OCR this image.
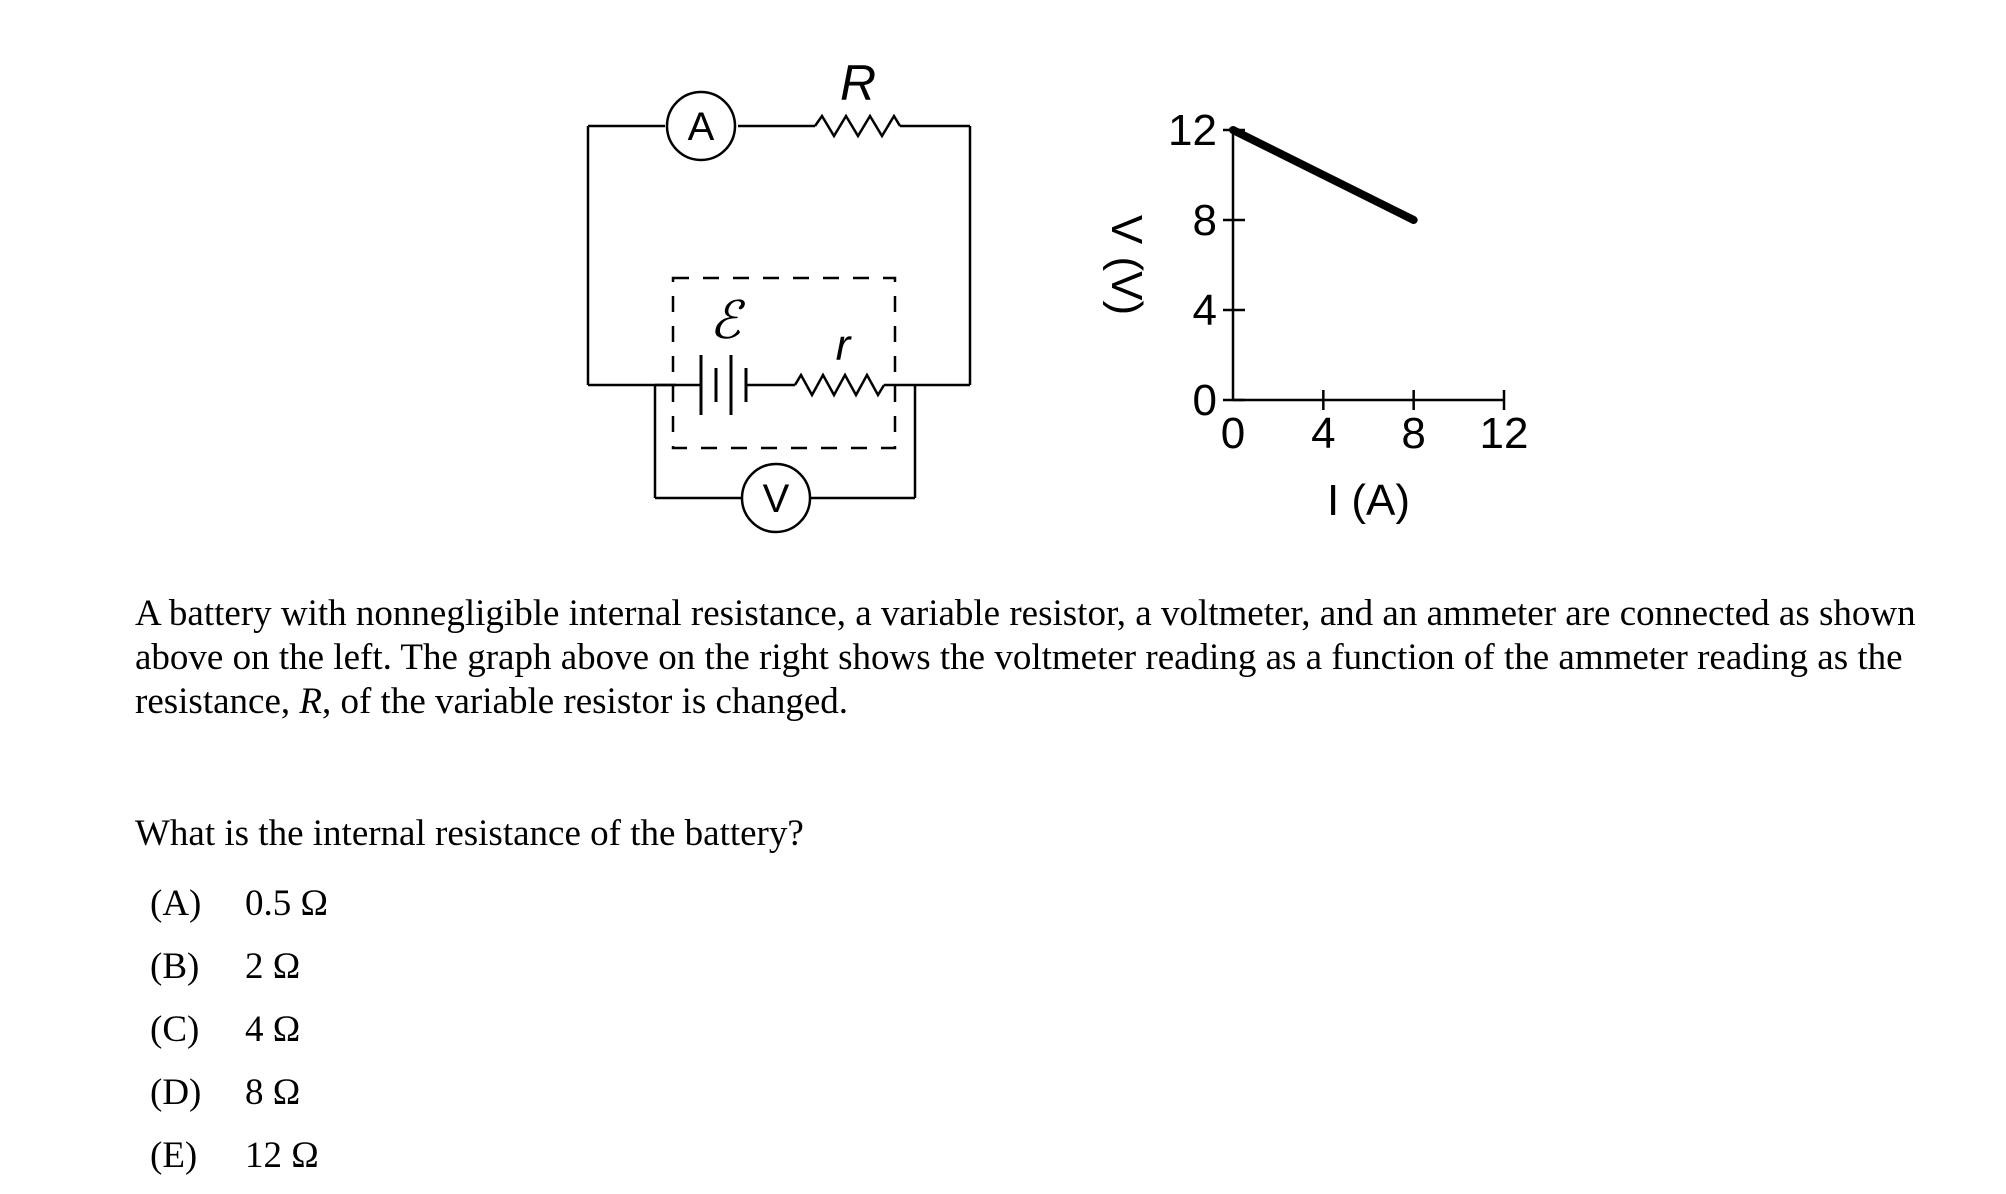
A
V
R
ℰ r
0 4 8 12
0
4
8
12
I (A)
V (V)

A battery with nonnegligible internal resistance, a variable resistor, a voltmeter, and an ammeter are connected as shown above on the left. The graph above on the right shows the voltmeter reading as a function of the ammeter reading as the resistance, R, of the variable resistor is changed.

What is the internal resistance of the battery?

(A) 0.5 Ω
(B) 2 Ω
(C) 4 Ω
(D) 8 Ω
(E) 12 Ω
